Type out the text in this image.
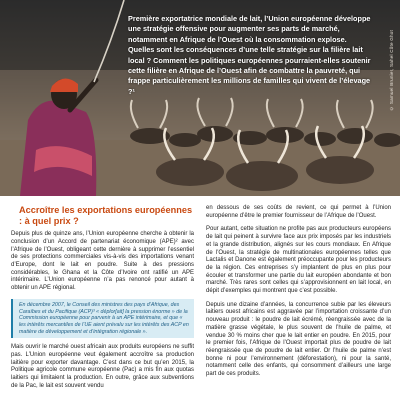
Première exportatrice mondiale de lait, l’Union européenne développe une stratégie offensive pour augmenter ses parts de marché, notamment en Afrique de l’Ouest où la consommation explose.

Quelles sont les conséquences d’une telle stratégie sur la filière lait local ? Comment les politiques européennes pourraient-elles soutenir cette filière en Afrique de l’Ouest afin de combattre la pauvreté, qui frappe particulièrement les millions de familles qui vivent de l’élevage ?¹	© Samuel Brunier, Sahel Côte Ghot
Accroître les exportations européennes : à quel prix ?

Depuis plus de quinze ans, l’Union européenne cherche à obtenir la conclusion d’un Accord de partenariat économique (APE)² avec l’Afrique de l’Ouest, obligeant cette dernière à supprimer l’essentiel de ses protections commerciales vis-à-vis des importations venant d’Europe, dont le lait en poudre. Suite à des pressions considérables, le Ghana et la Côte d’Ivoire ont ratifié un APE intérimaire. L’Union européenne n’a pas renoncé pour autant à obtenir un APE régional.

En décembre 2007, le Conseil des ministres des pays d’Afrique, des Caraïbes et du Pacifique (ACP)³ « déplor[ait] la pression énorme » de la Commission européenne pour parvenir à un APE intérimaire, et que « les intérêts mercantiles de l’UE aient prévalu sur les intérêts des ACP en matière de développement et d’intégration régionale ».

Mais ouvrir le marché ouest africain aux produits européens ne suffit pas. L’Union européenne veut également accroître sa production laitière pour exporter davantage. C’est dans ce but qu’en 2015, la Politique agricole commune européenne (Pac) a mis fin aux quotas laitiers qui limitaient la production. En outre, grâce aux subventions de la Pac, le lait est souvent vendu

en dessous de ses coûts de revient, ce qui permet à l’Union européenne d’être le premier fournisseur de l’Afrique de l’Ouest.

Pour autant, cette situation ne profite pas aux producteurs européens de lait qui peinent à survivre face aux prix imposés par les industriels et la grande distribution, alignés sur les cours mondiaux. En Afrique de l’Ouest, la stratégie de multinationales européennes telles que Lactalis et Danone est également préoccupante pour les producteurs de la région. Ces entreprises s’y implantent de plus en plus pour écouler et transformer une partie du lait européen abondante et bon marché. Très rares sont celles qui s’approvisionnent en lait local, en dépit d’exemples qui montrent que c’est possible.

Depuis une dizaine d’années, la concurrence subie par les éleveurs laitiers ouest africains est aggravée par l’importation croissante d’un nouveau produit : le poudre de lait écrémé, réengraissée avec de la matière grasse végétale, le plus souvent de l’huile de palme, et vendue 30 % moins cher que le lait entier en poudre. En 2015, pour le premier fois, l’Afrique de l’Ouest importait plus de poudre de lait réengraissée que de poudre de lait entier. Or l’huile de palme n’est bonne ni pour l’environnement (déforestation), ni pour la santé, notamment celle des enfants, qui consomment d’ailleurs une large part de ces produits.
